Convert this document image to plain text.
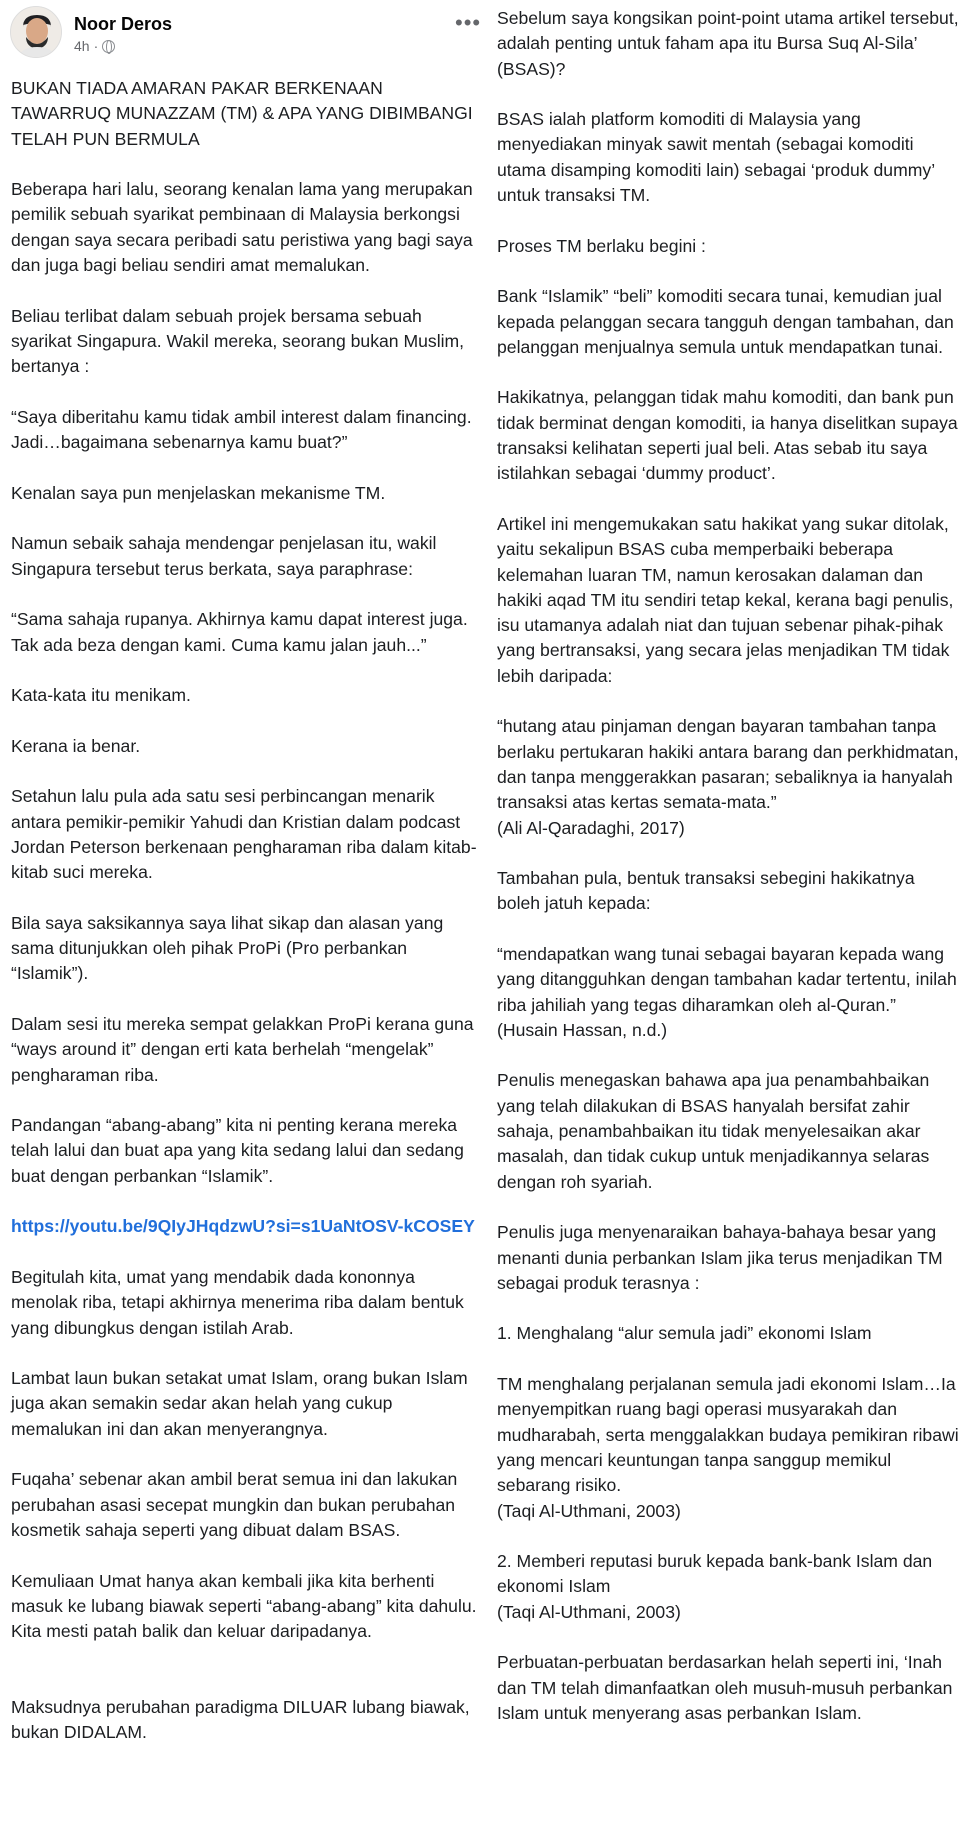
Noor Deros
4h ·
•••

BUKAN TIADA AMARAN PAKAR BERKENAAN TAWARRUQ MUNAZZAM (TM) & APA YANG DIBIMBANGI TELAH PUN BERMULA

Beberapa hari lalu, seorang kenalan lama yang merupakan pemilik sebuah syarikat pembinaan di Malaysia berkongsi dengan saya secara peribadi satu peristiwa yang bagi saya dan juga bagi beliau sendiri amat memalukan.

Beliau terlibat dalam sebuah projek bersama sebuah syarikat Singapura. Wakil mereka, seorang bukan Muslim, bertanya :

“Saya diberitahu kamu tidak ambil interest dalam financing. Jadi…bagaimana sebenarnya kamu buat?”

Kenalan saya pun menjelaskan mekanisme TM.

Namun sebaik sahaja mendengar penjelasan itu, wakil Singapura tersebut terus berkata, saya paraphrase:

“Sama sahaja rupanya. Akhirnya kamu dapat interest juga. Tak ada beza dengan kami. Cuma kamu jalan jauh...”

Kata-kata itu menikam.

Kerana ia benar.

Setahun lalu pula ada satu sesi perbincangan menarik antara pemikir-pemikir Yahudi dan Kristian dalam podcast Jordan Peterson berkenaan pengharaman riba dalam kitab-kitab suci mereka.

Bila saya saksikannya saya lihat sikap dan alasan yang sama ditunjukkan oleh pihak ProPi (Pro perbankan “Islamik”).

Dalam sesi itu mereka sempat gelakkan ProPi kerana guna “ways around it” dengan erti kata berhelah “mengelak” pengharaman riba.

Pandangan “abang-abang” kita ni penting kerana mereka telah lalui dan buat apa yang kita sedang lalui dan sedang buat dengan perbankan “Islamik”.

https://youtu.be/9QIyJHqdzwU?si=s1UaNtOSV-kCOSEY

Begitulah kita, umat yang mendabik dada kononnya menolak riba, tetapi akhirnya menerima riba dalam bentuk yang dibungkus dengan istilah Arab.

Lambat laun bukan setakat umat Islam, orang bukan Islam juga akan semakin sedar akan helah yang cukup memalukan ini dan akan menyerangnya.

Fuqaha’ sebenar akan ambil berat semua ini dan lakukan perubahan asasi secepat mungkin dan bukan perubahan kosmetik sahaja seperti yang dibuat dalam BSAS.

Kemuliaan Umat hanya akan kembali jika kita berhenti masuk ke lubang biawak seperti “abang-abang” kita dahulu. Kita mesti patah balik dan keluar daripadanya.

Maksudnya perubahan paradigma DILUAR lubang biawak, bukan DIDALAM.

Sebelum saya kongsikan point-point utama artikel tersebut, adalah penting untuk faham apa itu Bursa Suq Al-Sila’ (BSAS)?

BSAS ialah platform komoditi di Malaysia yang menyediakan minyak sawit mentah (sebagai komoditi utama disamping komoditi lain) sebagai ‘produk dummy’ untuk transaksi TM.

Proses TM berlaku begini :

Bank “Islamik” “beli” komoditi secara tunai, kemudian jual kepada pelanggan secara tangguh dengan tambahan, dan pelanggan menjualnya semula untuk mendapatkan tunai.

Hakikatnya, pelanggan tidak mahu komoditi, dan bank pun tidak berminat dengan komoditi, ia hanya diselitkan supaya transaksi kelihatan seperti jual beli. Atas sebab itu saya istilahkan sebagai ‘dummy product’.

Artikel ini mengemukakan satu hakikat yang sukar ditolak, yaitu sekalipun BSAS cuba memperbaiki beberapa kelemahan luaran TM, namun kerosakan dalaman dan hakiki aqad TM itu sendiri tetap kekal, kerana bagi penulis, isu utamanya adalah niat dan tujuan sebenar pihak-pihak yang bertransaksi, yang secara jelas menjadikan TM tidak lebih daripada:

“hutang atau pinjaman dengan bayaran tambahan tanpa berlaku pertukaran hakiki antara barang dan perkhidmatan, dan tanpa menggerakkan pasaran; sebaliknya ia hanyalah transaksi atas kertas semata-mata.”
(Ali Al-Qaradaghi, 2017)

Tambahan pula, bentuk transaksi sebegini hakikatnya boleh jatuh kepada:

“mendapatkan wang tunai sebagai bayaran kepada wang yang ditangguhkan dengan tambahan kadar tertentu, inilah riba jahiliah yang tegas diharamkan oleh al-Quran.”
(Husain Hassan, n.d.)

Penulis menegaskan bahawa apa jua penambahbaikan yang telah dilakukan di BSAS hanyalah bersifat zahir sahaja, penambahbaikan itu tidak menyelesaikan akar masalah, dan tidak cukup untuk menjadikannya selaras dengan roh syariah.

Penulis juga menyenaraikan bahaya-bahaya besar yang menanti dunia perbankan Islam jika terus menjadikan TM sebagai produk terasnya :

1. Menghalang “alur semula jadi” ekonomi Islam

TM menghalang perjalanan semula jadi ekonomi Islam…Ia menyempitkan ruang bagi operasi musyarakah dan mudharabah, serta menggalakkan budaya pemikiran ribawi yang mencari keuntungan tanpa sanggup memikul sebarang risiko.
(Taqi Al-Uthmani, 2003)

2. Memberi reputasi buruk kepada bank-bank Islam dan ekonomi Islam
(Taqi Al-Uthmani, 2003)

Perbuatan-perbuatan berdasarkan helah seperti ini, ‘Inah dan TM telah dimanfaatkan oleh musuh-musuh perbankan Islam untuk menyerang asas perbankan Islam.
